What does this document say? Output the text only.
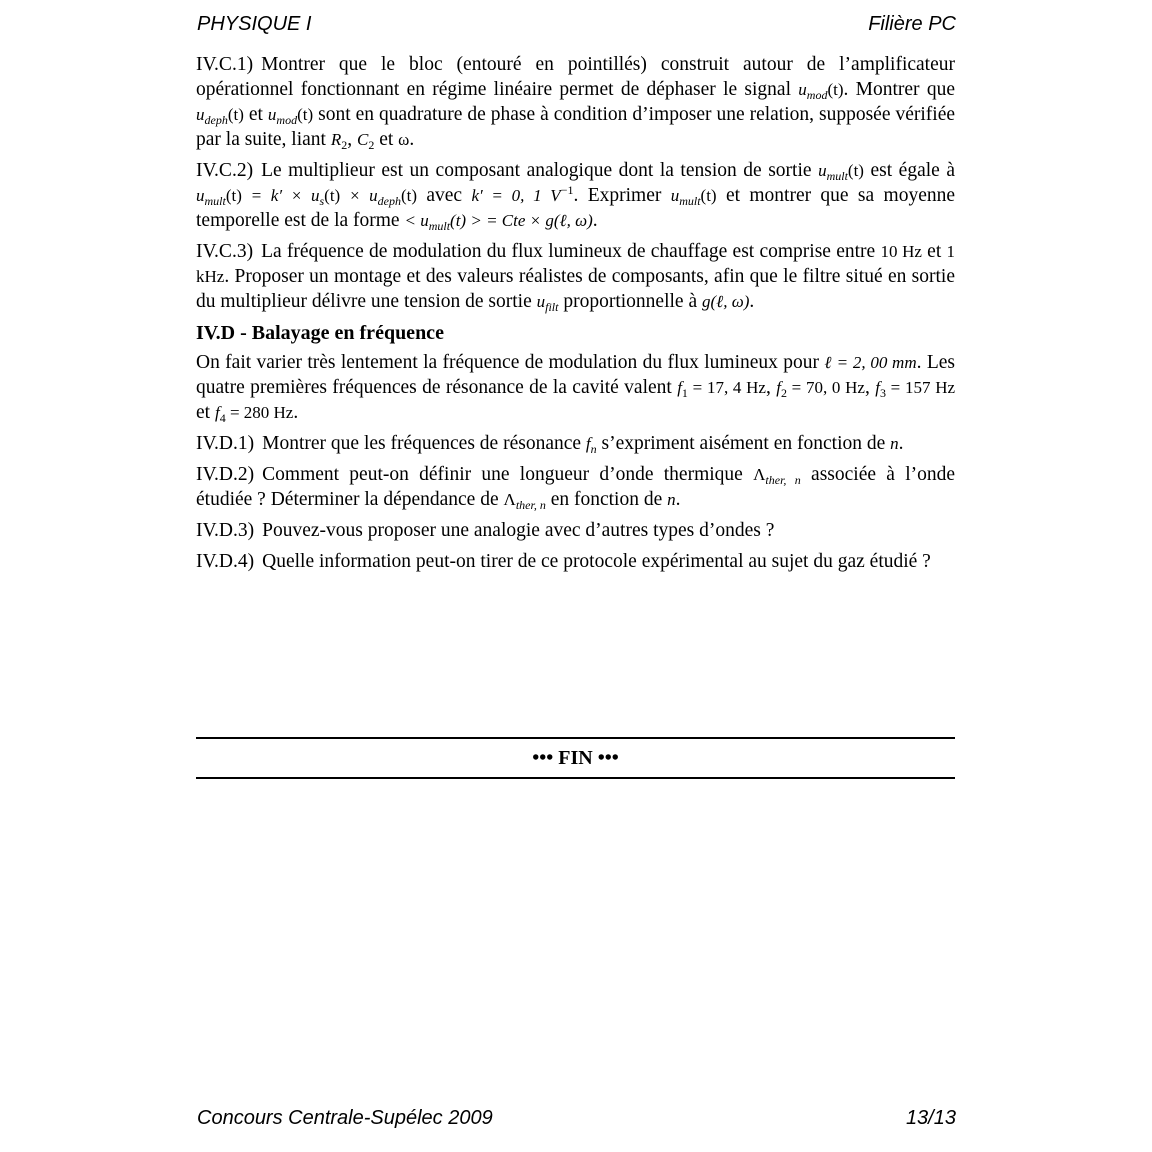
PHYSIQUE I	Filière PC

IV.C.1) Montrer que le bloc (entouré en pointillés) construit autour de l’amplificateur opérationnel fonctionnant en régime linéaire permet de déphaser le signal $u_{mod}(t)$. Montrer que $u_{deph}(t)$ et $u_{mod}(t)$ sont en quadrature de phase à condition d’imposer une relation, supposée vérifiée par la suite, liant $R_2$, $C_2$ et ω.

IV.C.2) Le multiplieur est un composant analogique dont la tension de sortie $u_{mult}(t)$ est égale à $u_{mult}(t) = k' \times u_s(t) \times u_{deph}(t)$ avec k′ = 0, 1 $V^{-1}$. Exprimer $u_{mult}(t)$ et montrer que sa moyenne temporelle est de la forme < $u_{mult}(t)$ > = Cte × g(ℓ, ω).

IV.C.3) La fréquence de modulation du flux lumineux de chauffage est comprise entre 10 Hz et 1 kHz. Proposer un montage et des valeurs réalistes de composants, afin que le filtre situé en sortie du multiplieur délivre une tension de sortie $u_{filt}$ proportionnelle à g(ℓ, ω).

IV.D - Balayage en fréquence

On fait varier très lentement la fréquence de modulation du flux lumineux pour ℓ = 2, 00 mm. Les quatre premières fréquences de résonance de la cavité valent $f_1 = 17$, 4 Hz, $f_2 = 70$, 0 Hz, $f_3 = 157$ Hz et $f_4 = 280$ Hz.

IV.D.1) Montrer que les fréquences de résonance $f_n$ s’expriment aisément en fonction de n.

IV.D.2) Comment peut-on définir une longueur d’onde thermique $\Lambda_{ther, n}$ associée à l’onde étudiée ? Déterminer la dépendance de $\Lambda_{ther, n}$ en fonction de n.

IV.D.3) Pouvez-vous proposer une analogie avec d’autres types d’ondes ?

IV.D.4) Quelle information peut-on tirer de ce protocole expérimental au sujet du gaz étudié ?

••• FIN •••
Concours Centrale-Supélec 2009	13/13
